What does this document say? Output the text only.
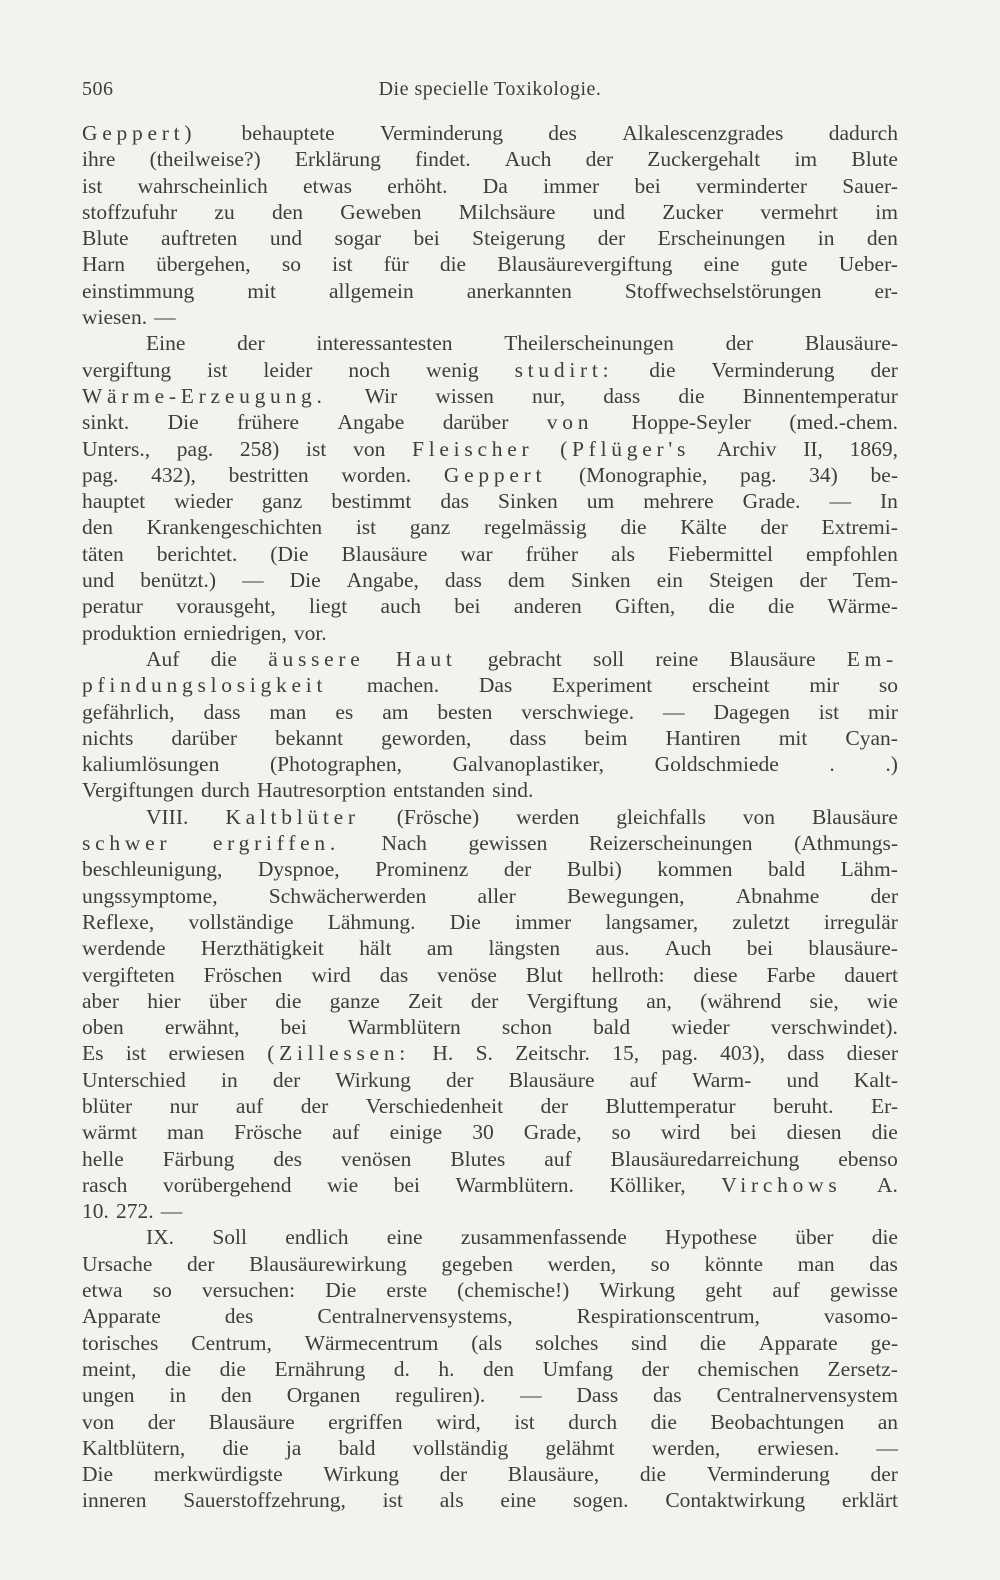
506	Die specielle Toxikologie.
Geppert) behauptete Verminderung des Alkalescenzgrades dadurch
ihre (theilweise?) Erklärung findet. Auch der Zuckergehalt im Blute
ist wahrscheinlich etwas erhöht. Da immer bei verminderter Sauer-
stoffzufuhr zu den Geweben Milchsäure und Zucker vermehrt im
Blute auftreten und sogar bei Steigerung der Erscheinungen in den
Harn übergehen, so ist für die Blausäurevergiftung eine gute Ueber-
einstimmung mit allgemein anerkannten Stoffwechselstörungen er-
wiesen. —
Eine der interessantesten Theilerscheinungen der Blausäure-
vergiftung ist leider noch wenig studirt: die Verminderung der
Wärme-Erzeugung. Wir wissen nur, dass die Binnentemperatur
sinkt. Die frühere Angabe darüber von Hoppe-Seyler (med.-chem.
Unters., pag. 258) ist von Fleischer (Pflüger's Archiv II, 1869,
pag. 432), bestritten worden. Geppert (Monographie, pag. 34) be-
hauptet wieder ganz bestimmt das Sinken um mehrere Grade. — In
den Krankengeschichten ist ganz regelmässig die Kälte der Extremi-
täten berichtet. (Die Blausäure war früher als Fiebermittel empfohlen
und benützt.) — Die Angabe, dass dem Sinken ein Steigen der Tem-
peratur vorausgeht, liegt auch bei anderen Giften, die die Wärme-
produktion erniedrigen, vor.
Auf die äussere Haut gebracht soll reine Blausäure Em-
pfindungslosigkeit machen. Das Experiment erscheint mir so
gefährlich, dass man es am besten verschwiege. — Dagegen ist mir
nichts darüber bekannt geworden, dass beim Hantiren mit Cyan-
kaliumlösungen (Photographen, Galvanoplastiker, Goldschmiede . .)
Vergiftungen durch Hautresorption entstanden sind.
VIII. Kaltblüter (Frösche) werden gleichfalls von Blausäure
schwer ergriffen. Nach gewissen Reizerscheinungen (Athmungs-
beschleunigung, Dyspnoe, Prominenz der Bulbi) kommen bald Lähm-
ungssymptome, Schwächerwerden aller Bewegungen, Abnahme der
Reflexe, vollständige Lähmung. Die immer langsamer, zuletzt irregulär
werdende Herzthätigkeit hält am längsten aus. Auch bei blausäure-
vergifteten Fröschen wird das venöse Blut hellroth: diese Farbe dauert
aber hier über die ganze Zeit der Vergiftung an, (während sie, wie
oben erwähnt, bei Warmblütern schon bald wieder verschwindet).
Es ist erwiesen (Zillessen: H. S. Zeitschr. 15, pag. 403), dass dieser
Unterschied in der Wirkung der Blausäure auf Warm- und Kalt-
blüter nur auf der Verschiedenheit der Bluttemperatur beruht. Er-
wärmt man Frösche auf einige 30 Grade, so wird bei diesen die
helle Färbung des venösen Blutes auf Blausäuredarreichung ebenso
rasch vorübergehend wie bei Warmblütern. Kölliker, Virchows A.
10. 272. —
IX. Soll endlich eine zusammenfassende Hypothese über die
Ursache der Blausäurewirkung gegeben werden, so könnte man das
etwa so versuchen: Die erste (chemische!) Wirkung geht auf gewisse
Apparate	des	Centralnervensystems,	Respirationscentrum,	vasomo-
torisches Centrum, Wärmecentrum (als solches sind die Apparate ge-
meint, die die Ernährung d. h. den Umfang der chemischen Zersetz-
ungen in den Organen reguliren). — Dass das Centralnervensystem
von der Blausäure ergriffen wird, ist durch die Beobachtungen an
Kaltblütern, die ja bald vollständig gelähmt werden, erwiesen. —
Die merkwürdigste Wirkung der Blausäure, die Verminderung der
inneren Sauerstoffzehrung, ist als eine sogen. Contaktwirkung erklärt
